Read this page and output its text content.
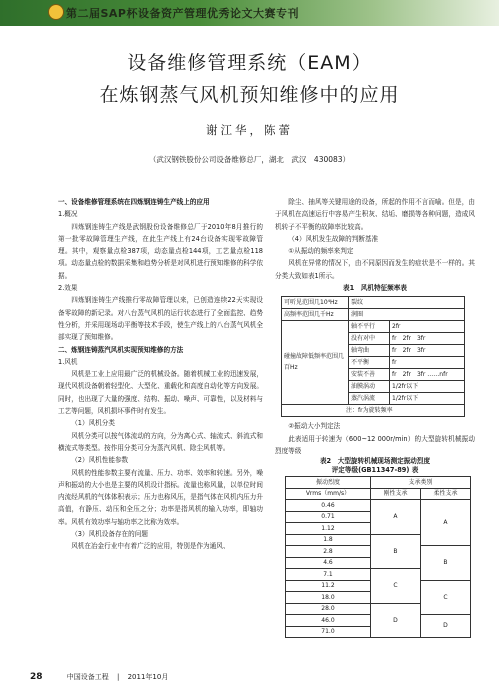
第二届SAP杯设备资产管理优秀论文大赛专刊
设备维修管理系统（EAM）
在炼钢蒸气风机预知维修中的应用
谢江华，陈蕾
（武汉钢铁股份公司设备维修总厂，湖北　武汉　430083）

一、设备维修管理系统在四炼钢连铸生产线上的应用

1.概况

四炼钢连铸生产线是武钢股份设备维修总厂于2010年8月推行的第一批零故障管理生产线，在此生产线上有24台设备实现零故障管理。其中，观察量点检387项，动态量点检144项，工艺量点检118项。动态量点检的数据采集和趋势分析是对风机进行预知维修的科学依据。

2.效果

四炼钢连铸生产线推行零故障管理以来，已创造连续22天实现设备零故障的新记录。对八台蒸气风机的运行状态进行了全面监控、趋势性分析，并采用现场动平衡等技术手段，使生产线上的八台蒸气风机全部实现了预知维修。

二、炼钢连铸蒸汽风机实现预知维修的方法

1.风机

风机是工业上应用最广泛的机械设备。随着机械工业的迅速发展，现代风机设备朝着轻型化、大型化、重载化和高度自动化等方向发展。同时，也出现了大量的强度、结构、振动、噪声、可靠性，以及材料与工艺等问题，风机损坏事件时有发生。

（1）风机分类

风机分类可以按气体流动的方向，分为离心式、轴流式、斜流式和横流式等类型。按作用分类可分为蒸汽风机、除尘风机等。

（2）风机性能参数

风机的性能参数主要有流量、压力、功率、效率和转速。另外，噪声和振动的大小也是主要的风机设计指标。流量也称风量，以单位时间内流经风机的气体体积表示；压力也称风压，是指气体在风机内压力升高值，有静压、动压和全压之分；功率是指风机的输入功率，即轴功率。风机有效功率与轴功率之比称为效率。

（3）风机设备存在的问题

风机在冶金行业中有着广泛的应用，特别是作为通风、

除尘、抽风等关键用途的设备，所起的作用不言而喻。但是，由于风机在高速运行中容易产生积灰、结垢、磨损等各种问题，造成风机转子不平衡的故障率比较高。

（4）风机发生故障的判断基准

①从振动的频率来判定

风机在异常的情况下，由不同原因而发生的症状是不一样的。其分类大致如表1所示。

表1　风机特征频率表

可听见范围几10⁴Hz	裂纹	
高频率范围几千Hz	润圈	
碰撞故障低频率范围几百Hz	轴不平行	2fr
	没有对中	fr　2fr　3fr
	轴弯曲	fr　2fr　3fr
	不平衡	fr
	安装不善	fr　2fr　3fr ……nfr
	油膜涡动	1/2fr以下
	蒸汽涡流	1/2fr以下
注：fr为旋转频率		

②振动大小判定法

此表适用于转速为（600~12 000r/min）的大型旋转机械振动烈度等级

表2　大型旋转机械现场测定振动烈度

评定等级(GB11347-89) 表

振动烈度	支承类别	
Vrms（mm/s）	刚性支承	柔性支承
0.46	A	A
0.71		
1.12		
1.8	B	
2.8		B
4.6		
7.1	C	
11.2		C
18.0		
28.0	D	
46.0		D
71.0		
28	中国设备工程 | 2011年10月
